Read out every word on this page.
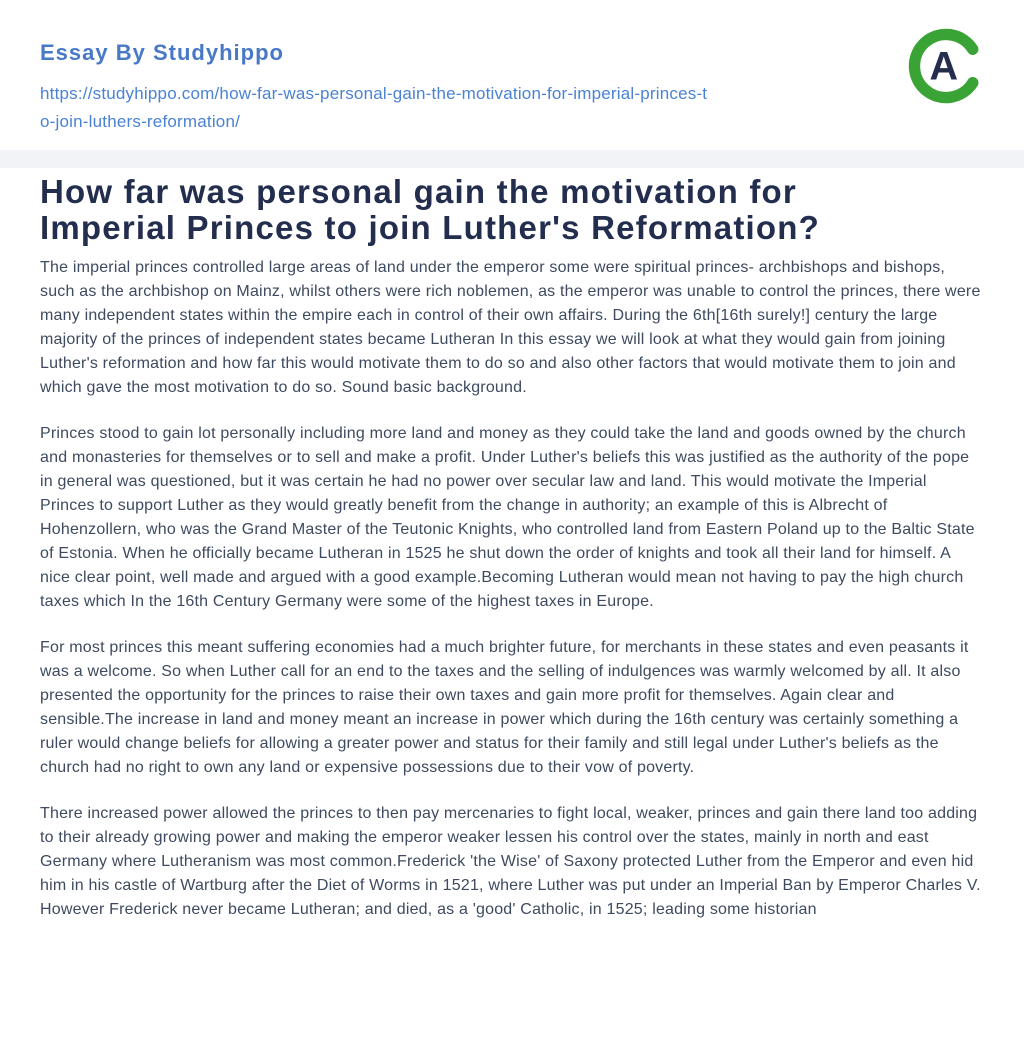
Essay By Studyhippo
https://studyhippo.com/how-far-was-personal-gain-the-motivation-for-imperial-princes-to-join-luthers-reformation/
A
How far was personal gain the motivation for
Imperial Princes to join Luther's Reformation?

The imperial princes controlled large areas of land under the emperor some were spiritual princes- archbishops and bishops, such as the archbishop on Mainz, whilst others were rich noblemen, as the emperor was unable to control the princes, there were many independent states within the empire each in control of their own affairs. During the 6th[16th surely!] century the large majority of the princes of independent states became Lutheran In this essay we will look at what they would gain from joining Luther's reformation and how far this would motivate them to do so and also other factors that would motivate them to join and which gave the most motivation to do so. Sound basic background.

Princes stood to gain lot personally including more land and money as they could take the land and goods owned by the church and monasteries for themselves or to sell and make a profit. Under Luther's beliefs this was justified as the authority of the pope in general was questioned, but it was certain he had no power over secular law and land. This would motivate the Imperial Princes to support Luther as they would greatly benefit from the change in authority; an example of this is Albrecht of Hohenzollern, who was the Grand Master of the Teutonic Knights, who controlled land from Eastern Poland up to the Baltic State of Estonia. When he officially became Lutheran in 1525 he shut down the order of knights and took all their land for himself. A nice clear point, well made and argued with a good example.Becoming Lutheran would mean not having to pay the high church taxes which In the 16th Century Germany were some of the highest taxes in Europe.

For most princes this meant suffering economies had a much brighter future, for merchants in these states and even peasants it was a welcome. So when Luther call for an end to the taxes and the selling of indulgences was warmly welcomed by all. It also presented the opportunity for the princes to raise their own taxes and gain more profit for themselves. Again clear and sensible.The increase in land and money meant an increase in power which during the 16th century was certainly something a ruler would change beliefs for allowing a greater power and status for their family and still legal under Luther's beliefs as the church had no right to own any land or expensive possessions due to their vow of poverty.

There increased power allowed the princes to then pay mercenaries to fight local, weaker, princes and gain there land too adding to their already growing power and making the emperor weaker lessen his control over the states, mainly in north and east Germany where Lutheranism was most common.Frederick 'the Wise' of Saxony protected Luther from the Emperor and even hid him in his castle of Wartburg after the Diet of Worms in 1521, where Luther was put under an Imperial Ban by Emperor Charles V. However Frederick never became Lutheran; and died, as a 'good' Catholic, in 1525; leading some historian
